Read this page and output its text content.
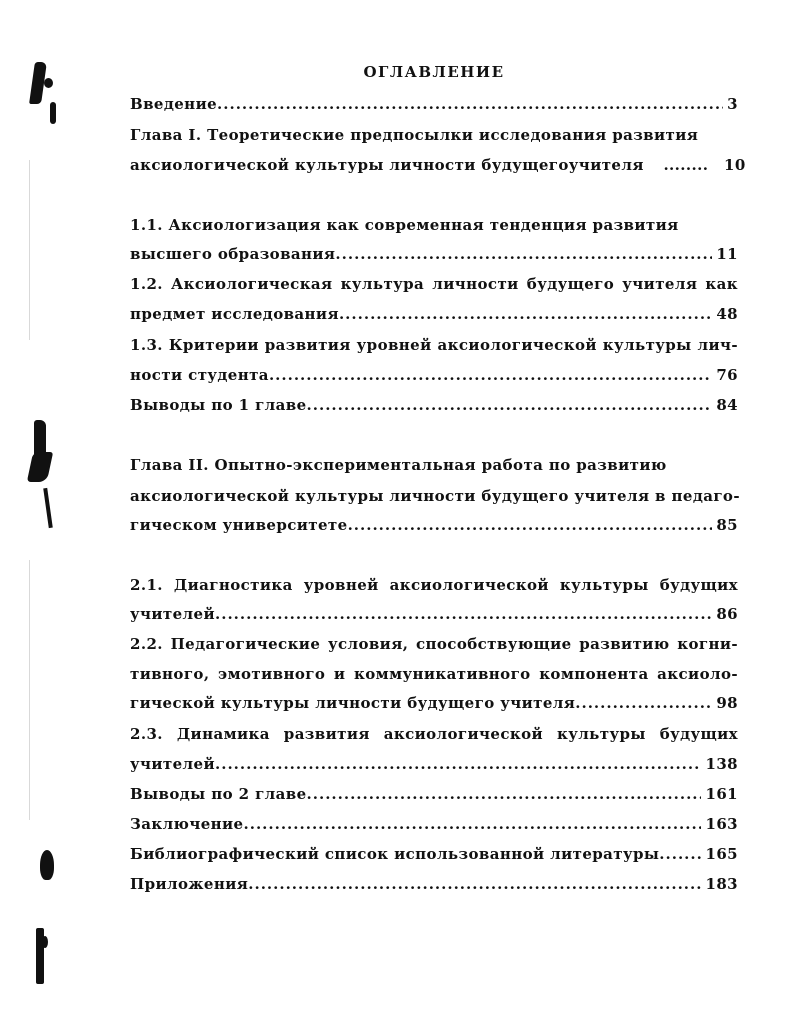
ОГЛАВЛЕНИЕ
Введение .....	3
Глава I. Теоретические предпосылки исследования развития
аксиологической культуры личности будущегоучителя ........ 10
1.1. Аксиологизация как современная тенденция развития
высшего образования .....	11
1.2. Аксиологическая культура личности будущего учителя как
предмет исследования .....	48
1.3. Критерии развития уровней аксиологической культуры лич-
ности студента .....	76
Выводы по 1 главе .....	84
Глава II. Опытно-экспериментальная работа по развитию
аксиологической культуры личности будущего учителя в педаго-
гическом университете .....	85
2.1. Диагностика уровней аксиологической культуры будущих
учителей .....	86
2.2. Педагогические условия, способствующие развитию когни-
тивного, эмотивного и коммуникативного компонента аксиоло-
гической культуры личности будущего учителя .....	98
2.3. Динамика развития аксиологической культуры будущих
учителей .....	138
Выводы по 2 главе .....	161
Заключение .....	163
Библиографический список использованной литературы .....	165
Приложения .....	183
